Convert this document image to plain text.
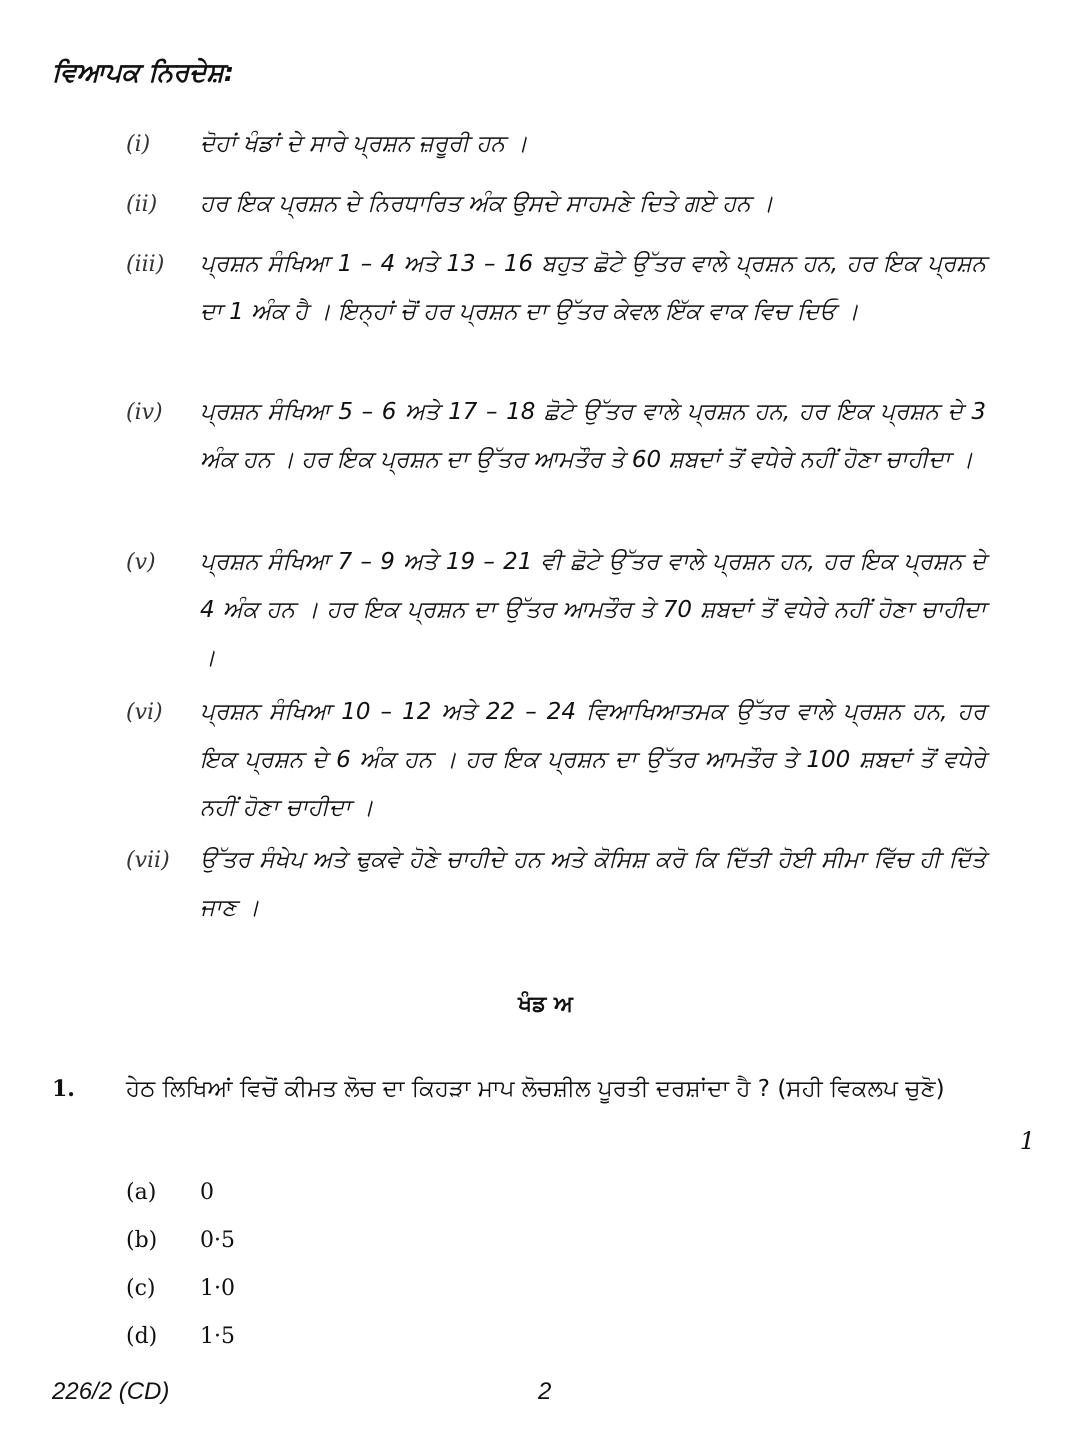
ਵਿਆਪਕ ਨਿਰਦੇਸ਼:
(i) ਦੋਹਾਂ ਖੰਡਾਂ ਦੇ ਸਾਰੇ ਪ੍ਰਸ਼ਨ ਜ਼ਰੂਰੀ ਹਨ ।
(ii) ਹਰ ਇਕ ਪ੍ਰਸ਼ਨ ਦੇ ਨਿਰਧਾਰਿਤ ਅੰਕ ਉਸਦੇ ਸਾਹਮਣੇ ਦਿਤੇ ਗਏ ਹਨ ।
(iii) ਪ੍ਰਸ਼ਨ ਸੰਖਿਆ 1 – 4 ਅਤੇ 13 – 16 ਬਹੁਤ ਛੋਟੇ ਉੱਤਰ ਵਾਲੇ ਪ੍ਰਸ਼ਨ ਹਨ, ਹਰ ਇਕ ਪ੍ਰਸ਼ਨ ਦਾ 1 ਅੰਕ ਹੈ । ਇਨ੍ਹਾਂ ਚੋਂ ਹਰ ਪ੍ਰਸ਼ਨ ਦਾ ਉੱਤਰ ਕੇਵਲ ਇੱਕ ਵਾਕ ਵਿਚ ਦਿਓ ।
(iv) ਪ੍ਰਸ਼ਨ ਸੰਖਿਆ 5 – 6 ਅਤੇ 17 – 18 ਛੋਟੇ ਉੱਤਰ ਵਾਲੇ ਪ੍ਰਸ਼ਨ ਹਨ, ਹਰ ਇਕ ਪ੍ਰਸ਼ਨ ਦੇ 3 ਅੰਕ ਹਨ । ਹਰ ਇਕ ਪ੍ਰਸ਼ਨ ਦਾ ਉੱਤਰ ਆਮਤੌਰ ਤੇ 60 ਸ਼ਬਦਾਂ ਤੋਂ ਵਧੇਰੇ ਨਹੀਂ ਹੋਣਾ ਚਾਹੀਦਾ ।
(v) ਪ੍ਰਸ਼ਨ ਸੰਖਿਆ 7 – 9 ਅਤੇ 19 – 21 ਵੀ ਛੋਟੇ ਉੱਤਰ ਵਾਲੇ ਪ੍ਰਸ਼ਨ ਹਨ, ਹਰ ਇਕ ਪ੍ਰਸ਼ਨ ਦੇ 4 ਅੰਕ ਹਨ । ਹਰ ਇਕ ਪ੍ਰਸ਼ਨ ਦਾ ਉੱਤਰ ਆਮਤੌਰ ਤੇ 70 ਸ਼ਬਦਾਂ ਤੋਂ ਵਧੇਰੇ ਨਹੀਂ ਹੋਣਾ ਚਾਹੀਦਾ ।
(vi) ਪ੍ਰਸ਼ਨ ਸੰਖਿਆ 10 – 12 ਅਤੇ 22 – 24 ਵਿਆਖਿਆਤਮਕ ਉੱਤਰ ਵਾਲੇ ਪ੍ਰਸ਼ਨ ਹਨ, ਹਰ ਇਕ ਪ੍ਰਸ਼ਨ ਦੇ 6 ਅੰਕ ਹਨ । ਹਰ ਇਕ ਪ੍ਰਸ਼ਨ ਦਾ ਉੱਤਰ ਆਮਤੌਰ ਤੇ 100 ਸ਼ਬਦਾਂ ਤੋਂ ਵਧੇਰੇ ਨਹੀਂ ਹੋਣਾ ਚਾਹੀਦਾ ।
(vii) ਉੱਤਰ ਸੰਖੇਪ ਅਤੇ ਢੁਕਵੇ ਹੋਣੇ ਚਾਹੀਦੇ ਹਨ ਅਤੇ ਕੋਸਿਸ਼ ਕਰੋ ਕਿ ਦਿੱਤੀ ਹੋਈ ਸੀਮਾ ਵਿੱਚ ਹੀ ਦਿੱਤੇ ਜਾਣ ।
ਖੰਡ ਅ
1. ਹੇਠ ਲਿਖਿਆਂ ਵਿਚੋਂ ਕੀਮਤ ਲੋਚ ਦਾ ਕਿਹੜਾ ਮਾਪ ਲੋਚਸ਼ੀਲ ਪੂਰਤੀ ਦਰਸ਼ਾਂਦਾ ਹੈ ? (ਸਹੀ ਵਿਕਲਪ ਚੁਣੋ)
1
(a) 0
(b) 0·5
(c) 1·0
(d) 1·5
226/2 (CD)	2
